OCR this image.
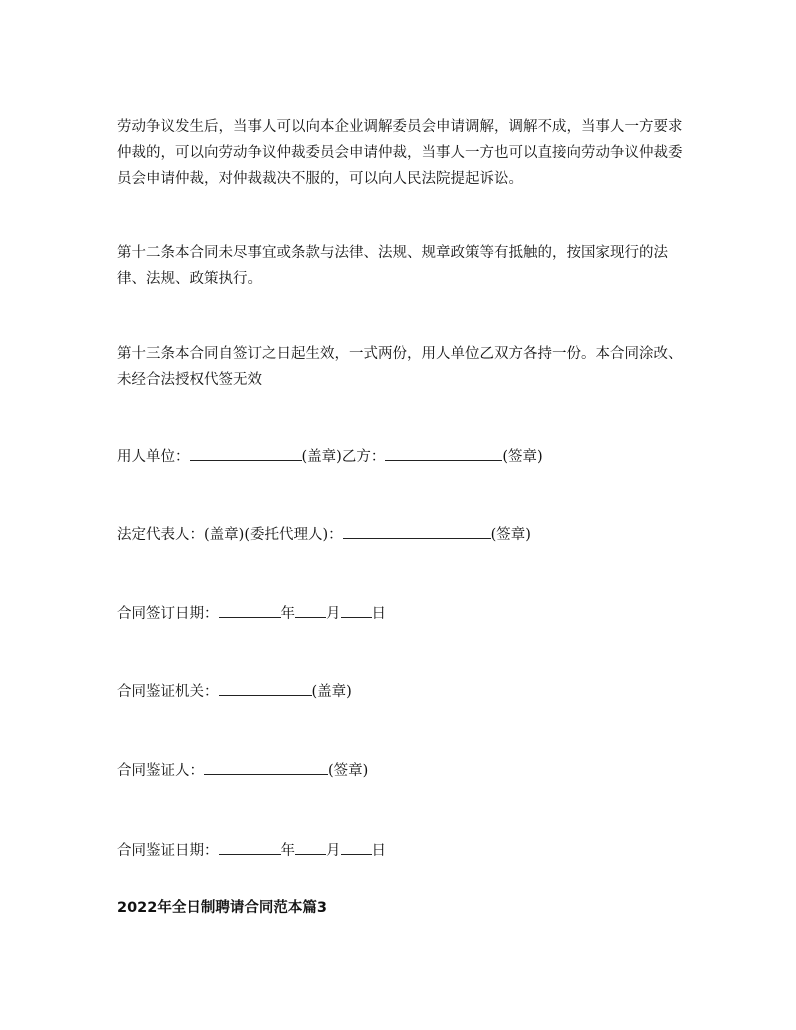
劳动争议发生后，当事人可以向本企业调解委员会申请调解，调解不成，当事人一方要求仲裁的，可以向劳动争议仲裁委员会申请仲裁，当事人一方也可以直接向劳动争议仲裁委员会申请仲裁，对仲裁裁决不服的，可以向人民法院提起诉讼。

第十二条本合同未尽事宜或条款与法律、法规、规章政策等有抵触的，按国家现行的法律、法规、政策执行。

第十三条本合同自签订之日起生效，一式两份，用人单位乙双方各持一份。本合同涂改、未经合法授权代签无效

用人单位：	(盖章)乙方：	(签章)
法定代表人：(盖章)(委托代理人)：	(签章)
合同签订日期：	年 月 日
合同鉴证机关：	(盖章)
合同鉴证人：	(签章)
合同鉴证日期：	年 月 日
2022年全日制聘请合同范本篇3
